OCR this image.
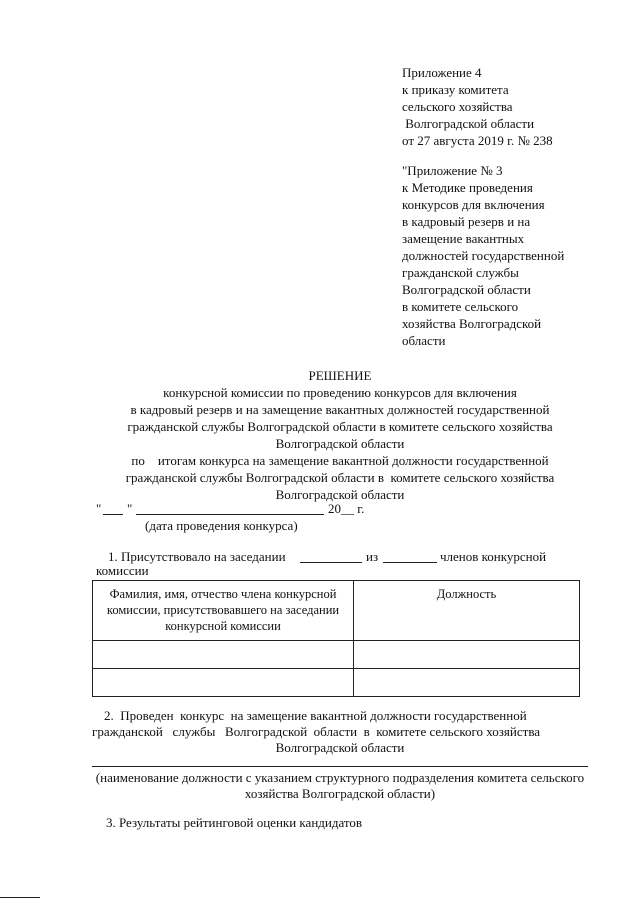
Приложение 4
к приказу комитета
сельского хозяйства
Волгоградской области
от 27 августа 2019 г. № 238
"Приложение № 3
к Методике проведения
конкурсов для включения
в кадровый резерв и на
замещение вакантных
должностей государственной
гражданской службы
Волгоградской области
в комитете сельского
хозяйства Волгоградской
области
РЕШЕНИЕ
конкурсной комиссии по проведению конкурсов для включения
в кадровый резерв и на замещение вакантных должностей государственной
гражданской службы Волгоградской области в комитете сельского хозяйства
Волгоградской области
по    итогам конкурса на замещение вакантной должности государственной
гражданской службы Волгоградской области в  комитете сельского хозяйства
Волгоградской области
" "	20__ г.
(дата проведения конкурса)
1. Присутствовало на заседании	из	членов конкурсной
комиссии
Фамилия, имя, отчество члена конкурсной комиссии, присутствовавшего на заседании конкурсной комиссии	Должность

2.  Проведен  конкурс  на замещение вакантной должности государственной
гражданской   службы   Волгоградской  области  в  комитете сельского хозяйства
Волгоградской области
(наименование должности с указанием структурного подразделения комитета сельского
хозяйства Волгоградской области)
3. Результаты рейтинговой оценки кандидатов
